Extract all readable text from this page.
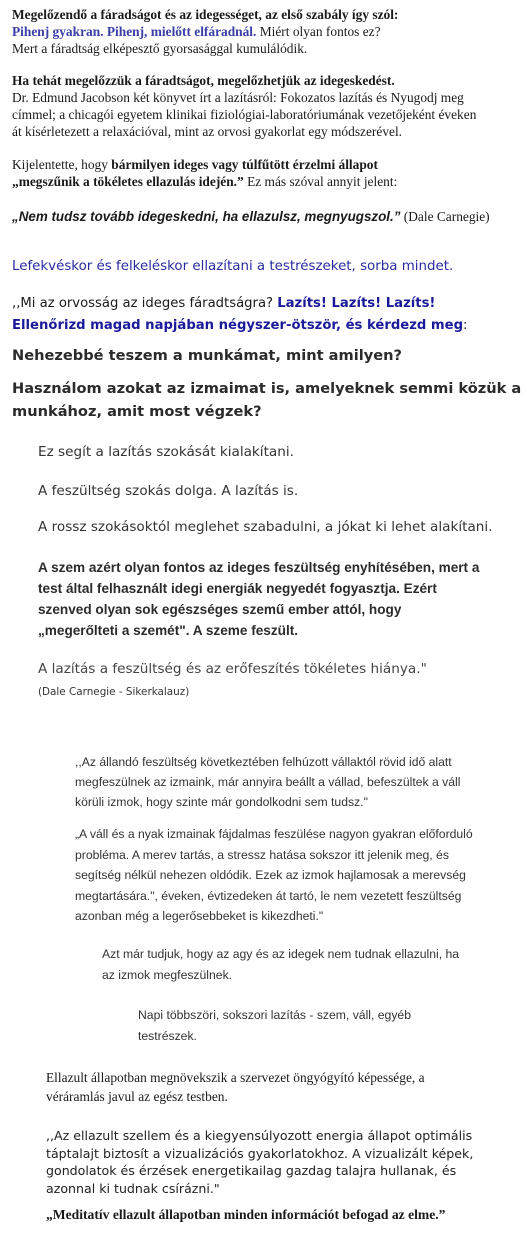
Megelőzendő a fáradságot és az idegességet, az első szabály így szól:
Pihenj gyakran. Pihenj, mielőtt elfáradnál. Miért olyan fontos ez?
Mert a fáradtság elképesztő gyorsasággal kumulálódik.
Ha tehát megelőzzük a fáradtságot, megelőzhetjük az idegeskedést.
Dr. Edmund Jacobson két könyvet írt a lazításról: Fokozatos lazítás és Nyugodj meg
címmel; a chicagói egyetem klinikai fiziológiai-laboratóriumának vezetőjeként éveken
át kísérletezett a relaxációval, mint az orvosi gyakorlat egy módszerével.
Kijelentette, hogy bármilyen ideges vagy túlfűtött érzelmi állapot
„megszűnik a tökéletes ellazulás idején.” Ez más szóval annyit jelent:
„Nem tudsz tovább idegeskedni, ha ellazulsz, megnyugszol.” (Dale Carnegie)
Lefekvéskor és felkeléskor ellazítani a testrészeket, sorba mindet.
,,Mi az orvosság az ideges fáradtságra? Lazíts! Lazíts! Lazíts!
Ellenőrizd magad napjában négyszer-ötször, és kérdezd meg:
Nehezebbé teszem a munkámat, mint amilyen?
Használom azokat az izmaimat is, amelyeknek semmi közük a
munkához, amit most végzek?
Ez segít a lazítás szokását kialakítani.
A feszültség szokás dolga. A lazítás is.
A rossz szokásoktól meglehet szabadulni, a jókat ki lehet alakítani.
A szem azért olyan fontos az ideges feszültség enyhítésében, mert a
test által felhasznált idegi energiák negyedét fogyasztja. Ezért
szenved olyan sok egészséges szemű ember attól, hogy
„megerőlteti a szemét". A szeme feszült.
A lazítás a feszültség és az erőfeszítés tökéletes hiánya."
(Dale Carnegie - Sikerkalauz)
,,Az állandó feszültség következtében felhúzott vállaktól rövid idő alatt
megfeszülnek az izmaink, már annyira beállt a vállad, befeszültek a váll
körüli izmok, hogy szinte már gondolkodni sem tudsz."
„A váll és a nyak izmainak fájdalmas feszülése nagyon gyakran előforduló
probléma. A merev tartás, a stressz hatása sokszor itt jelenik meg, és
segítség nélkül nehezen oldódik. Ezek az izmok hajlamosak a merevség
megtartására.", éveken, évtizedeken át tartó, le nem vezetett feszültség
azonban még a legerősebbeket is kikezdheti."
Azt már tudjuk, hogy az agy és az idegek nem tudnak ellazulni, ha
az izmok megfeszülnek.
Napi többszöri, sokszori lazítás - szem, váll, egyéb
testrészek.
Ellazult állapotban megnövekszik a szervezet öngyógyító képessége, a
véráramlás javul az egész testben.
,,Az ellazult szellem és a kiegyensúlyozott energia állapot optimális
táptalajt biztosít a vizualizációs gyakorlatokhoz. A vizualizált képek,
gondolatok és érzések energetikailag gazdag talajra hullanak, és
azonnal ki tudnak csírázni."
„Meditatív ellazult állapotban minden információt befogad az elme.”
